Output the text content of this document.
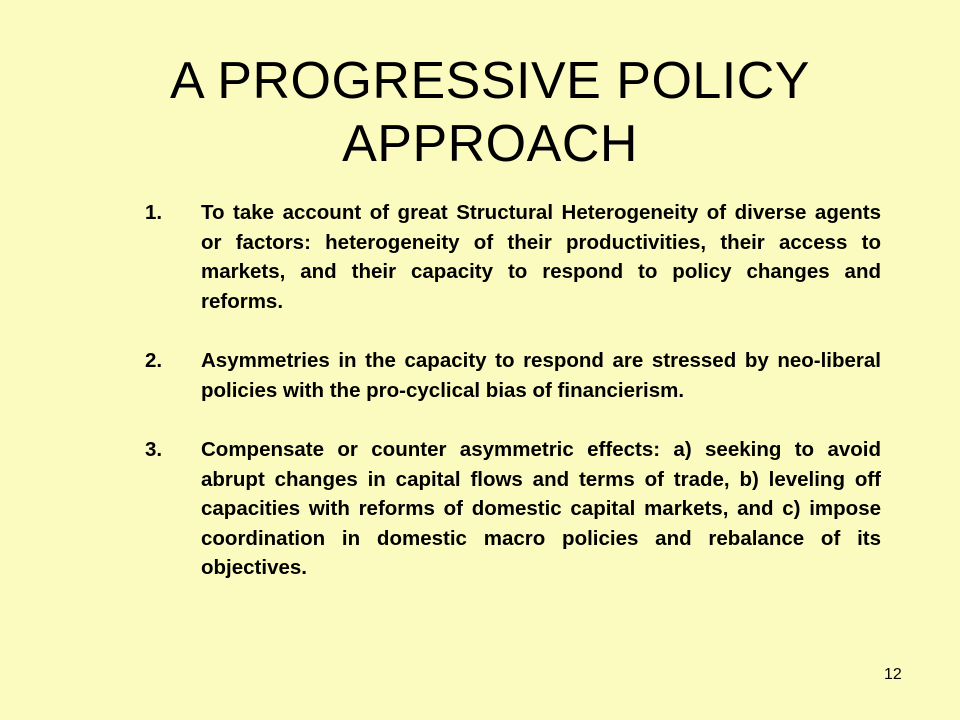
A PROGRESSIVE POLICY
APPROACH
1. To take account of great Structural Heterogeneity of diverse agents or factors: heterogeneity of their productivities, their access to markets, and their capacity to respond to policy changes and reforms.
2. Asymmetries in the capacity to respond are stressed by neo-liberal policies with the pro-cyclical bias of financierism.
3. Compensate or counter asymmetric effects: a) seeking to avoid abrupt changes in capital flows and terms of trade, b) leveling off capacities with reforms of domestic capital markets, and c) impose coordination in domestic macro policies and rebalance of its objectives.
12
